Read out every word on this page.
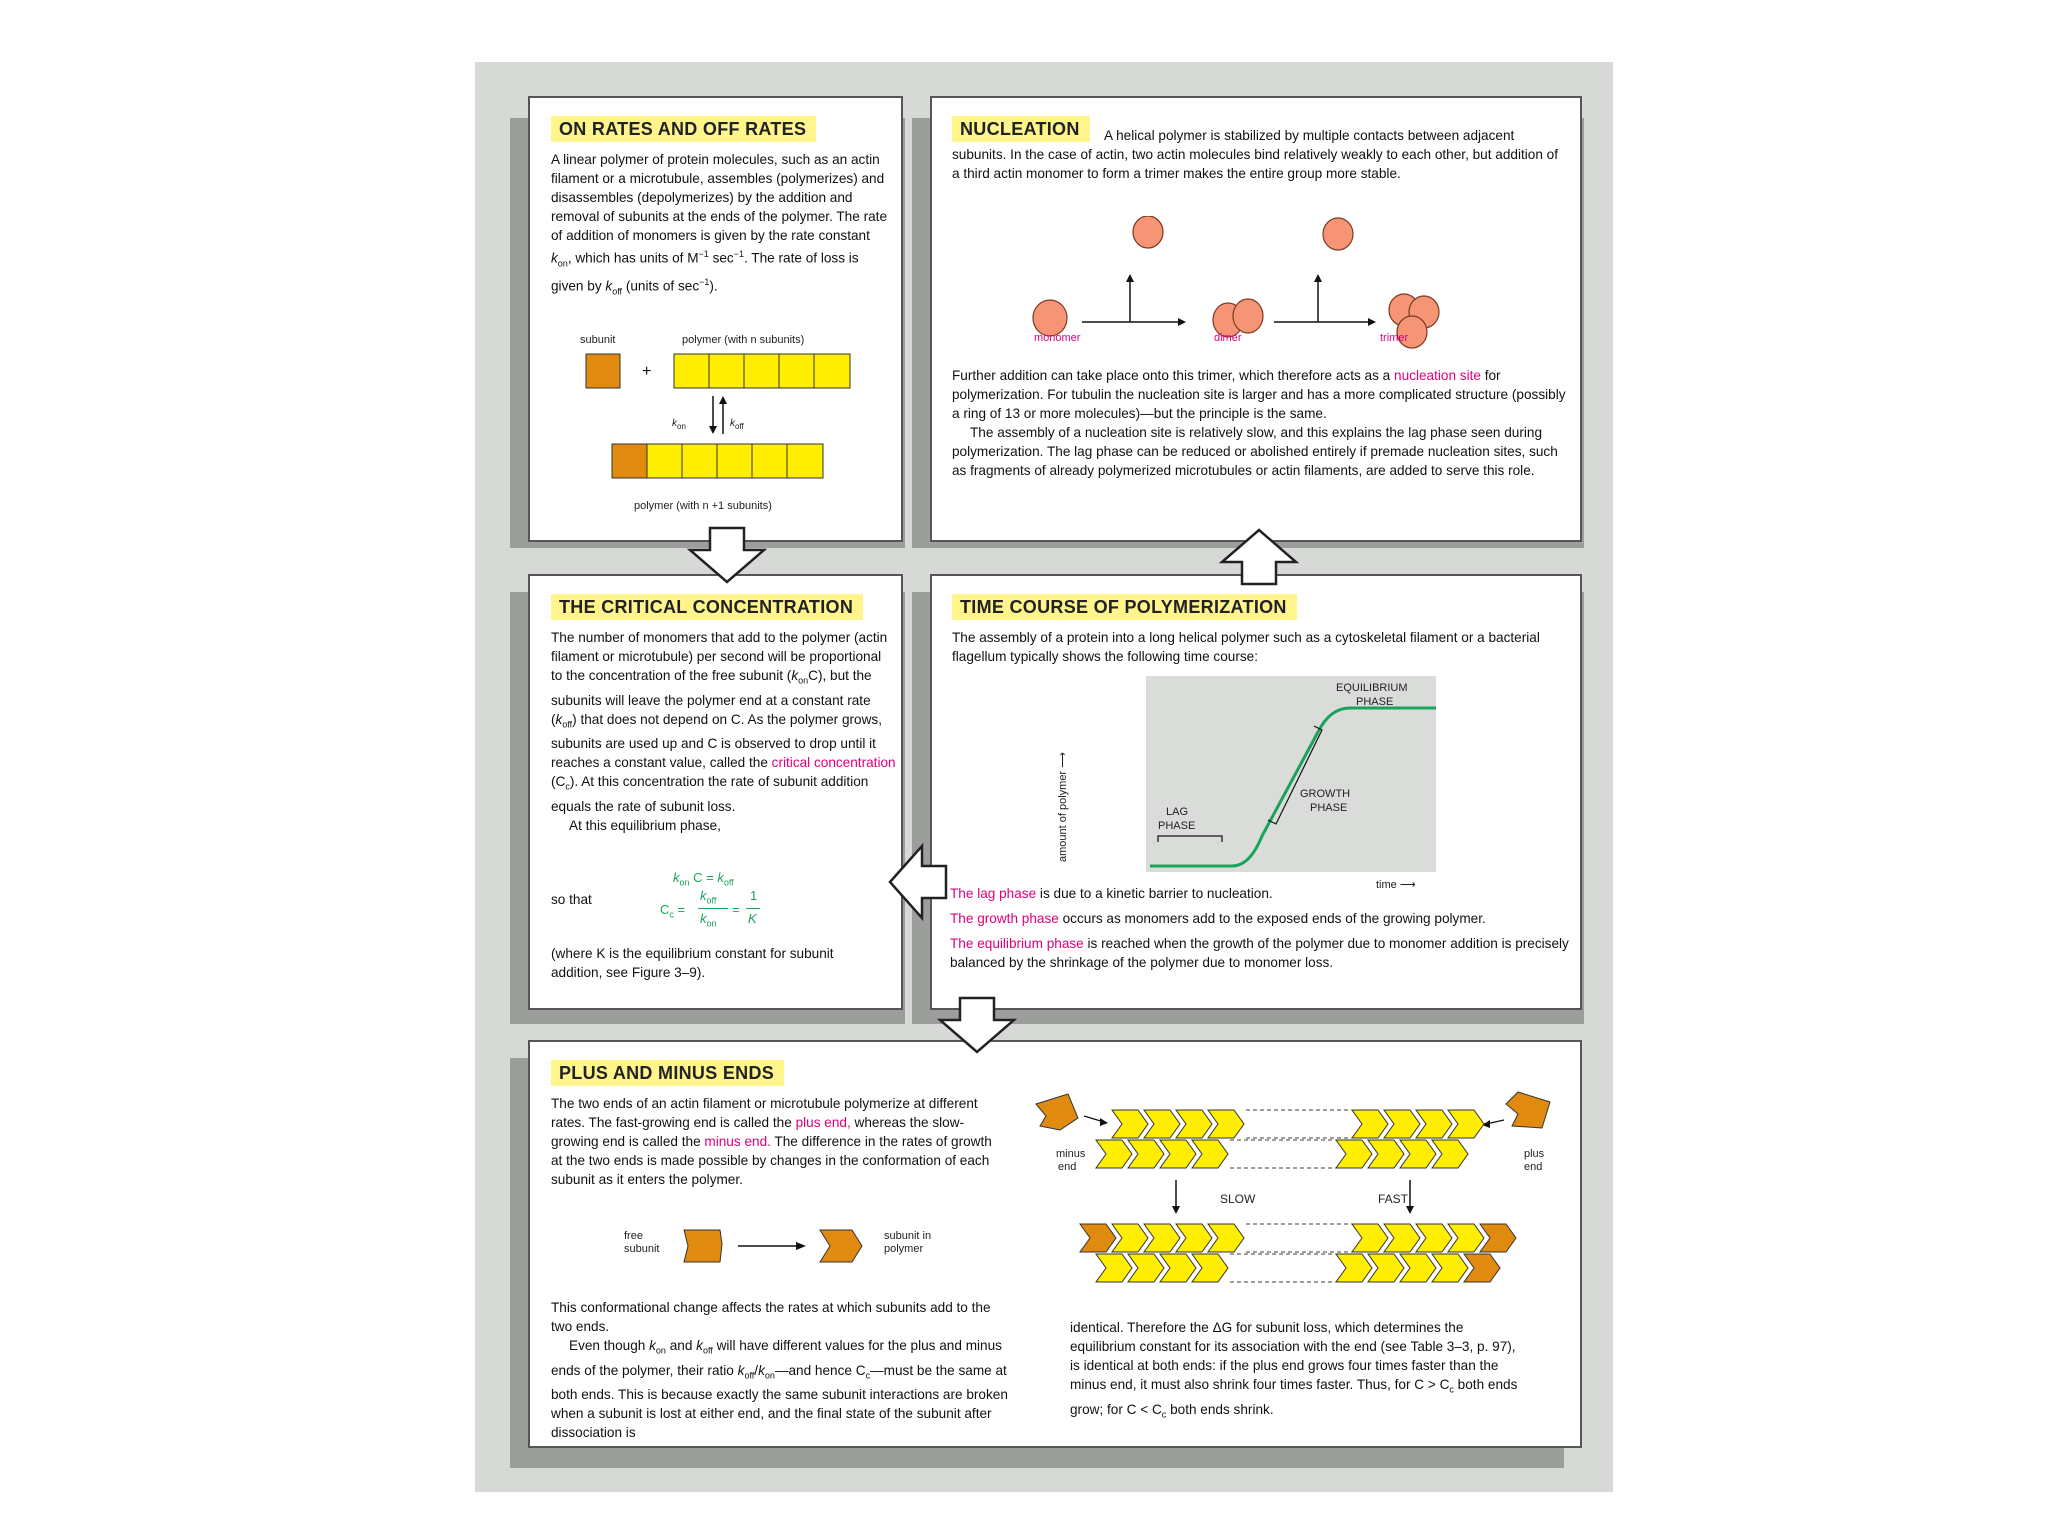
ON RATES AND OFF RATES
A linear polymer of protein molecules, such as an actin filament or a microtubule, assembles (polymerizes) and disassembles (depolymerizes) by the addition and removal of subunits at the ends of the polymer. The rate of addition of monomers is given by the rate constant $k_{on}$, which has units of $M^{-1}$ $\sec^{-1}$. The rate of loss is given by $k_{off}$ (units of $\sec^{-1}$).
subunit	polymer (with n subunits)
+
$k_{on}$	$k_{off}$
polymer (with n +1 subunits)
NUCLEATION	A helical polymer is stabilized by multiple contacts between adjacent subunits. In the case of actin, two actin molecules bind relatively weakly to each other, but addition of a third actin monomer to form a trimer makes the entire group more stable.
monomer	dimer	trimer

Further addition can take place onto this trimer, which therefore acts as a nucleation site for polymerization. For tubulin the nucleation site is larger and has a more complicated structure (possibly a ring of 13 or more molecules)—but the principle is the same.

The assembly of a nucleation site is relatively slow, and this explains the lag phase seen during polymerization. The lag phase can be reduced or abolished entirely if premade nucleation sites, such as fragments of already polymerized microtubules or actin filaments, are added to serve this role.

THE CRITICAL CONCENTRATION

The number of monomers that add to the polymer (actin filament or microtubule) per second will be proportional to the concentration of the free subunit $(k_{on}C)$, but the subunits will leave the polymer end at a constant rate $(k_{off})$ that does not depend on C. As the polymer grows, subunits are used up and C is observed to drop until it reaches a constant value, called the critical concentration $(C_c)$. At this concentration the rate of subunit addition equals the rate of subunit loss.

At this equilibrium phase,

$k_{on}$ $C = k_{off}$
so that
$C_c$ =
$k_{off}$
$k_{on}$
=
1
K
(where K is the equilibrium constant for subunit addition, see Figure 3–9).
TIME COURSE OF POLYMERIZATION
The assembly of a protein into a long helical polymer such as a cytoskeletal filament or a bacterial flagellum typically shows the following time course:
EQUILIBRIUM
PHASE
GROWTH
PHASE
LAG
PHASE
amount of polymer ⟶
time ⟶

The lag phase is due to a kinetic barrier to nucleation.

The growth phase occurs as monomers add to the exposed ends of the growing polymer.

The equilibrium phase is reached when the growth of the polymer due to monomer addition is precisely balanced by the shrinkage of the polymer due to monomer loss.

PLUS AND MINUS ENDS
The two ends of an actin filament or microtubule polymerize at different rates. The fast-growing end is called the plus end, whereas the slow-growing end is called the minus end. The difference in the rates of growth at the two ends is made possible by changes in the conformation of each subunit as it enters the polymer.
free
subunit
subunit in
polymer

This conformational change affects the rates at which subunits add to the two ends.

Even though $k_{on}$ and $k_{off}$ will have different values for the plus and minus ends of the polymer, their ratio $k_{off}/k_{on}—and$ hence $C_c—must$ be the same at both ends. This is because exactly the same subunit interactions are broken when a subunit is lost at either end, and the final state of the subunit after dissociation is

identical. Therefore the ΔG for subunit loss, which determines the equilibrium constant for its association with the end (see Table 3–3, p. 97), is identical at both ends: if the plus end grows four times faster than the minus end, it must also shrink four times faster. Thus, for $C > C_c$ both ends grow; for $C < C_c$ both ends shrink.
minus
end
plus
end
SLOW	FAST
